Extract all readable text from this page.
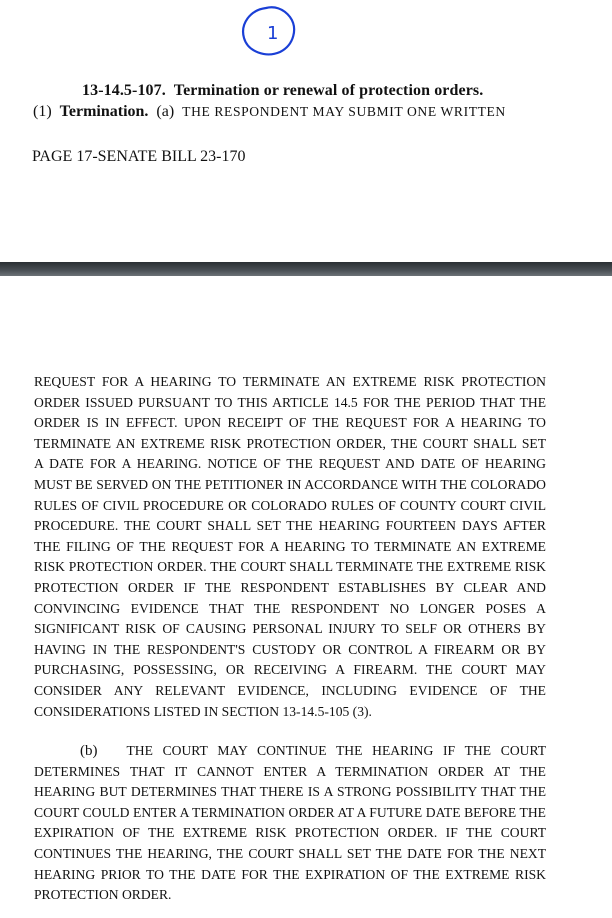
1
13-14.5-107. Termination or renewal of protection orders.
(1) Termination. (a) THE RESPONDENT MAY SUBMIT ONE WRITTEN
PAGE 17-SENATE BILL 23-170
REQUEST FOR A HEARING TO TERMINATE AN EXTREME RISK PROTECTION
ORDER ISSUED PURSUANT TO THIS ARTICLE 14.5 FOR THE PERIOD THAT THE
ORDER IS IN EFFECT. UPON RECEIPT OF THE REQUEST FOR A HEARING TO
TERMINATE AN EXTREME RISK PROTECTION ORDER, THE COURT SHALL SET
A DATE FOR A HEARING. NOTICE OF THE REQUEST AND DATE OF HEARING
MUST BE SERVED ON THE PETITIONER IN ACCORDANCE WITH THE COLORADO
RULES OF CIVIL PROCEDURE OR COLORADO RULES OF COUNTY COURT CIVIL
PROCEDURE. THE COURT SHALL SET THE HEARING FOURTEEN DAYS AFTER
THE FILING OF THE REQUEST FOR A HEARING TO TERMINATE AN EXTREME
RISK PROTECTION ORDER. THE COURT SHALL TERMINATE THE EXTREME RISK
PROTECTION ORDER IF THE RESPONDENT ESTABLISHES BY CLEAR AND
CONVINCING EVIDENCE THAT THE RESPONDENT NO LONGER POSES A
SIGNIFICANT RISK OF CAUSING PERSONAL INJURY TO SELF OR OTHERS BY
HAVING IN THE RESPONDENT'S CUSTODY OR CONTROL A FIREARM OR BY
PURCHASING, POSSESSING, OR RECEIVING A FIREARM. THE COURT MAY
CONSIDER ANY RELEVANT EVIDENCE, INCLUDING EVIDENCE OF THE
CONSIDERATIONS LISTED IN SECTION 13-14.5-105 (3).
(b) THE COURT MAY CONTINUE THE HEARING IF THE COURT
DETERMINES THAT IT CANNOT ENTER A TERMINATION ORDER AT THE
HEARING BUT DETERMINES THAT THERE IS A STRONG POSSIBILITY THAT THE
COURT COULD ENTER A TERMINATION ORDER AT A FUTURE DATE BEFORE THE
EXPIRATION OF THE EXTREME RISK PROTECTION ORDER. IF THE COURT
CONTINUES THE HEARING, THE COURT SHALL SET THE DATE FOR THE NEXT
HEARING PRIOR TO THE DATE FOR THE EXPIRATION OF THE EXTREME RISK
PROTECTION ORDER.
